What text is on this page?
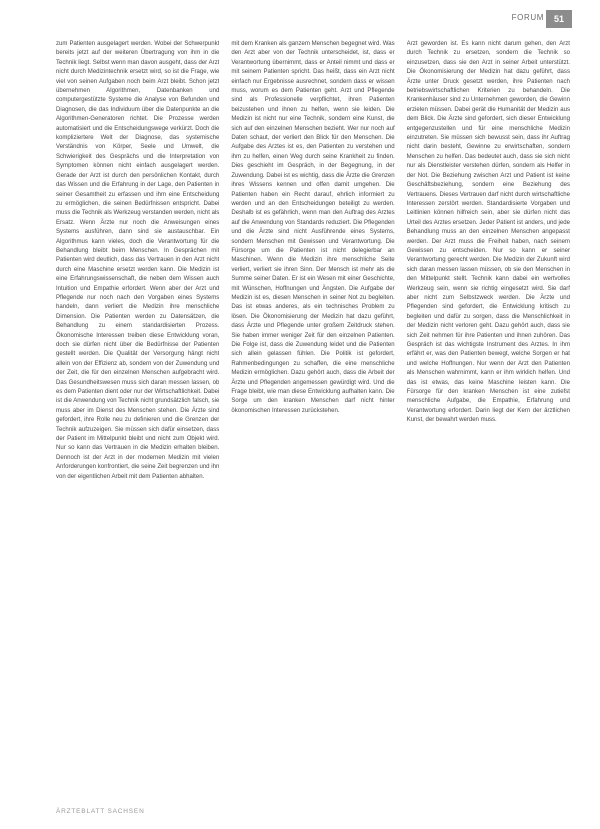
FORUM	51

zum Patienten ausgelagert werden. Wobei der Schwerpunkt bereits jetzt auf der weiteren Übertragung von ihm in die Technik liegt. Selbst wenn man davon ausgeht, dass der Arzt nicht durch Medizintechnik ersetzt wird, so ist die Frage, wie viel von seinen Aufgaben noch beim Arzt bleibt. Schon jetzt übernehmen Algorithmen, Datenbanken und computergestützte Systeme die Analyse von Befunden und Diagnosen, die das Individuum über die Datenpunkte an die Algorithmen-Generatoren richtet. Die Prozesse werden automatisiert und die Entscheidungswege verkürzt. Doch die kompliziertere Welt der Diagnose, das systemische Verständnis von Körper, Seele und Umwelt, die Schwierigkeit des Gesprächs und die Interpretation von Symptomen können nicht einfach ausgelagert werden. Gerade der Arzt ist durch den persönlichen Kontakt, durch das Wissen und die Erfahrung in der Lage, den Patienten in seiner Gesamtheit zu erfassen und ihm eine Entscheidung zu ermöglichen, die seinen Bedürfnissen entspricht. Dabei muss die Technik als Werkzeug verstanden werden, nicht als Ersatz. Wenn Ärzte nur noch die Anweisungen eines Systems ausführen, dann sind sie austauschbar. Ein Algorithmus kann vieles, doch die Verantwortung für die Behandlung bleibt beim Menschen. In Gesprächen mit Patienten wird deutlich, dass das Vertrauen in den Arzt nicht durch eine Maschine ersetzt werden kann. Die Medizin ist eine Erfahrungswissenschaft, die neben dem Wissen auch Intuition und Empathie erfordert. Wenn aber der Arzt und Pflegende nur noch nach den Vorgaben eines Systems handeln, dann verliert die Medizin ihre menschliche Dimension. Die Patienten werden zu Datensätzen, die Behandlung zu einem standardisierten Prozess. Ökonomische Interessen treiben diese Entwicklung voran, doch sie dürfen nicht über die Bedürfnisse der Patienten gestellt werden. Die Qualität der Versorgung hängt nicht allein von der Effizienz ab, sondern von der Zuwendung und der Zeit, die für den einzelnen Menschen aufgebracht wird. Das Gesundheitswesen muss sich daran messen lassen, ob es dem Patienten dient oder nur der Wirtschaftlichkeit. Dabei ist die Anwendung von Technik nicht grundsätzlich falsch, sie muss aber im Dienst des Menschen stehen. Die Ärzte sind gefordert, ihre Rolle neu zu definieren und die Grenzen der Technik aufzuzeigen. Sie müssen sich dafür einsetzen, dass der Patient im Mittelpunkt bleibt und nicht zum Objekt wird. Nur so kann das Vertrauen in die Medizin erhalten bleiben. Dennoch ist der Arzt in der modernen Medizin mit vielen Anforderungen konfrontiert, die seine Zeit begrenzen und ihn von der eigentlichen Arbeit mit dem Patienten abhalten.

mit dem Kranken als ganzem Menschen begegnet wird. Was den Arzt aber von der Technik unterscheidet, ist, dass er Verantwortung übernimmt, dass er Anteil nimmt und dass er mit seinem Patienten spricht. Das heißt, dass ein Arzt nicht einfach nur Ergebnisse ausrechnet, sondern dass er wissen muss, worum es dem Patienten geht. Arzt und Pflegende sind als Professionelle verpflichtet, ihren Patienten beizustehen und ihnen zu helfen, wenn sie leiden. Die Medizin ist nicht nur eine Technik, sondern eine Kunst, die sich auf den einzelnen Menschen bezieht. Wer nur noch auf Daten schaut, der verliert den Blick für den Menschen. Die Aufgabe des Arztes ist es, den Patienten zu verstehen und ihm zu helfen, einen Weg durch seine Krankheit zu finden. Dies geschieht im Gespräch, in der Begegnung, in der Zuwendung. Dabei ist es wichtig, dass die Ärzte die Grenzen ihres Wissens kennen und offen damit umgehen. Die Patienten haben ein Recht darauf, ehrlich informiert zu werden und an den Entscheidungen beteiligt zu werden. Deshalb ist es gefährlich, wenn man den Auftrag des Arztes auf die Anwendung von Standards reduziert. Die Pflegenden und die Ärzte sind nicht Ausführende eines Systems, sondern Menschen mit Gewissen und Verantwortung. Die Fürsorge um die Patienten ist nicht delegierbar an Maschinen. Wenn die Medizin ihre menschliche Seite verliert, verliert sie ihren Sinn. Der Mensch ist mehr als die Summe seiner Daten. Er ist ein Wesen mit einer Geschichte, mit Wünschen, Hoffnungen und Ängsten. Die Aufgabe der Medizin ist es, diesen Menschen in seiner Not zu begleiten. Das ist etwas anderes, als ein technisches Problem zu lösen. Die Ökonomisierung der Medizin hat dazu geführt, dass Ärzte und Pflegende unter großem Zeitdruck stehen. Sie haben immer weniger Zeit für den einzelnen Patienten. Die Folge ist, dass die Zuwendung leidet und die Patienten sich allein gelassen fühlen. Die Politik ist gefordert, Rahmenbedingungen zu schaffen, die eine menschliche Medizin ermöglichen. Dazu gehört auch, dass die Arbeit der Ärzte und Pflegenden angemessen gewürdigt wird. Und die Frage bleibt, wie man diese Entwicklung aufhalten kann. Die Sorge um den kranken Menschen darf nicht hinter ökonomischen Interessen zurückstehen.

Arzt geworden ist. Es kann nicht darum gehen, den Arzt durch Technik zu ersetzen, sondern die Technik so einzusetzen, dass sie den Arzt in seiner Arbeit unterstützt. Die Ökonomisierung der Medizin hat dazu geführt, dass Ärzte unter Druck gesetzt werden, ihre Patienten nach betriebswirtschaftlichen Kriterien zu behandeln. Die Krankenhäuser sind zu Unternehmen geworden, die Gewinn erzielen müssen. Dabei gerät die Humanität der Medizin aus dem Blick. Die Ärzte sind gefordert, sich dieser Entwicklung entgegenzustellen und für eine menschliche Medizin einzutreten. Sie müssen sich bewusst sein, dass ihr Auftrag nicht darin besteht, Gewinne zu erwirtschaften, sondern Menschen zu helfen. Das bedeutet auch, dass sie sich nicht nur als Dienstleister verstehen dürfen, sondern als Helfer in der Not. Die Beziehung zwischen Arzt und Patient ist keine Geschäftsbeziehung, sondern eine Beziehung des Vertrauens. Dieses Vertrauen darf nicht durch wirtschaftliche Interessen zerstört werden. Standardisierte Vorgaben und Leitlinien können hilfreich sein, aber sie dürfen nicht das Urteil des Arztes ersetzen. Jeder Patient ist anders, und jede Behandlung muss an den einzelnen Menschen angepasst werden. Der Arzt muss die Freiheit haben, nach seinem Gewissen zu entscheiden. Nur so kann er seiner Verantwortung gerecht werden. Die Medizin der Zukunft wird sich daran messen lassen müssen, ob sie den Menschen in den Mittelpunkt stellt. Technik kann dabei ein wertvolles Werkzeug sein, wenn sie richtig eingesetzt wird. Sie darf aber nicht zum Selbstzweck werden. Die Ärzte und Pflegenden sind gefordert, die Entwicklung kritisch zu begleiten und dafür zu sorgen, dass die Menschlichkeit in der Medizin nicht verloren geht. Dazu gehört auch, dass sie sich Zeit nehmen für ihre Patienten und ihnen zuhören. Das Gespräch ist das wichtigste Instrument des Arztes. In ihm erfährt er, was den Patienten bewegt, welche Sorgen er hat und welche Hoffnungen. Nur wenn der Arzt den Patienten als Menschen wahrnimmt, kann er ihm wirklich helfen. Und das ist etwas, das keine Maschine leisten kann. Die Fürsorge für den kranken Menschen ist eine zutiefst menschliche Aufgabe, die Empathie, Erfahrung und Verantwortung erfordert. Darin liegt der Kern der ärztlichen Kunst, der bewahrt werden muss.

ÄRZTEBLATT SACHSEN
